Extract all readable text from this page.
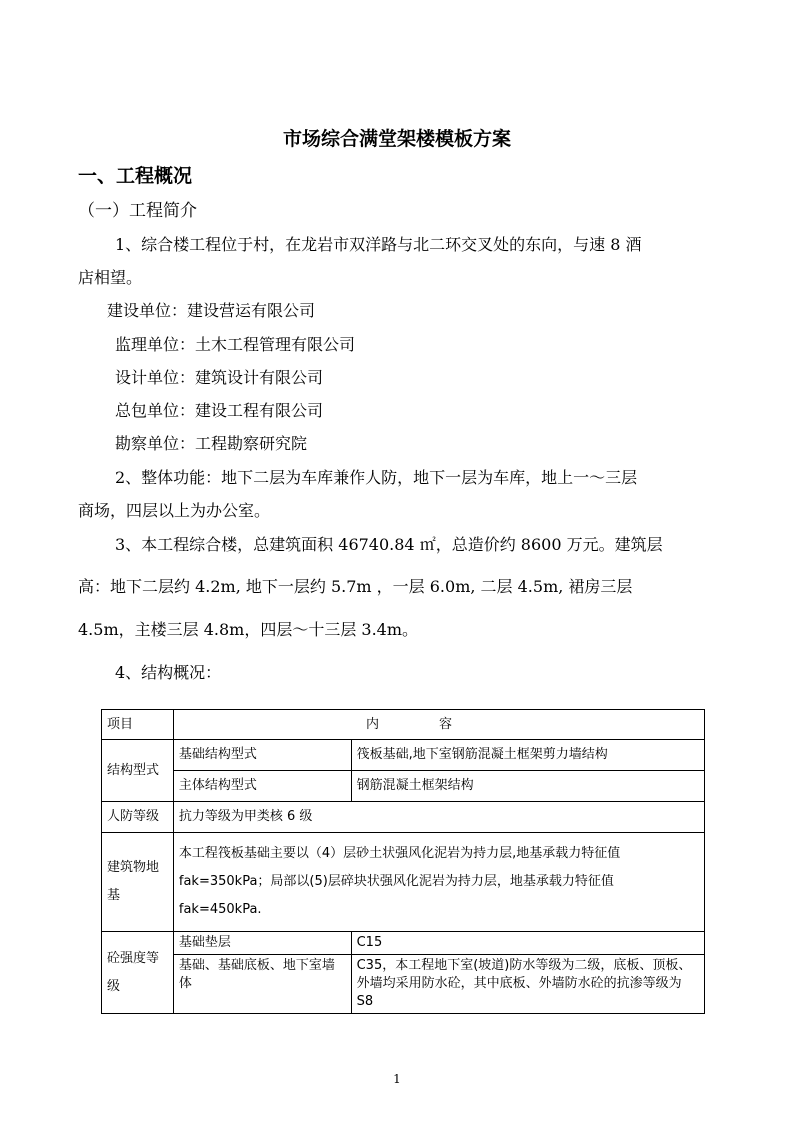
市场综合满堂架楼模板方案
一、工程概况
（一）工程简介
1、综合楼工程位于村，在龙岩市双洋路与北二环交叉处的东向，与速 8 酒
店相望。
建设单位：建设营运有限公司
监理单位：土木工程管理有限公司
设计单位：建筑设计有限公司
总包单位：建设工程有限公司
勘察单位：工程勘察研究院
2、整体功能：地下二层为车库兼作人防，地下一层为车库，地上一～三层
商场，四层以上为办公室。
3、本工程综合楼，总建筑面积 46740.84 ㎡，总造价约 8600 万元。建筑层
高：地下二层约 4.2m, 地下一层约 5.7m ，一层 6.0m, 二层 4.5m, 裙房三层
4.5m，主楼三层 4.8m，四层～十三层 3.4m。
4、结构概况：
项目	内容	
结构型式	基础结构型式	筏板基础,地下室钢筋混凝土框架剪力墙结构
	主体结构型式	钢筋混凝土框架结构
人防等级	抗力等级为甲类核 6 级	
建筑物地基	本工程筏板基础主要以（4）层砂土状强风化泥岩为持力层,地基承载力特征值 fak=350kPa；局部以(5)层碎块状强风化泥岩为持力层，地基承载力特征值 fak=450kPa.	
砼强度等级	基础垫层	C15
	基础、基础底板、地下室墙体	C35，本工程地下室(坡道)防水等级为二级，底板、顶板、外墙均采用防水砼，其中底板、外墙防水砼的抗渗等级为 S8
1
